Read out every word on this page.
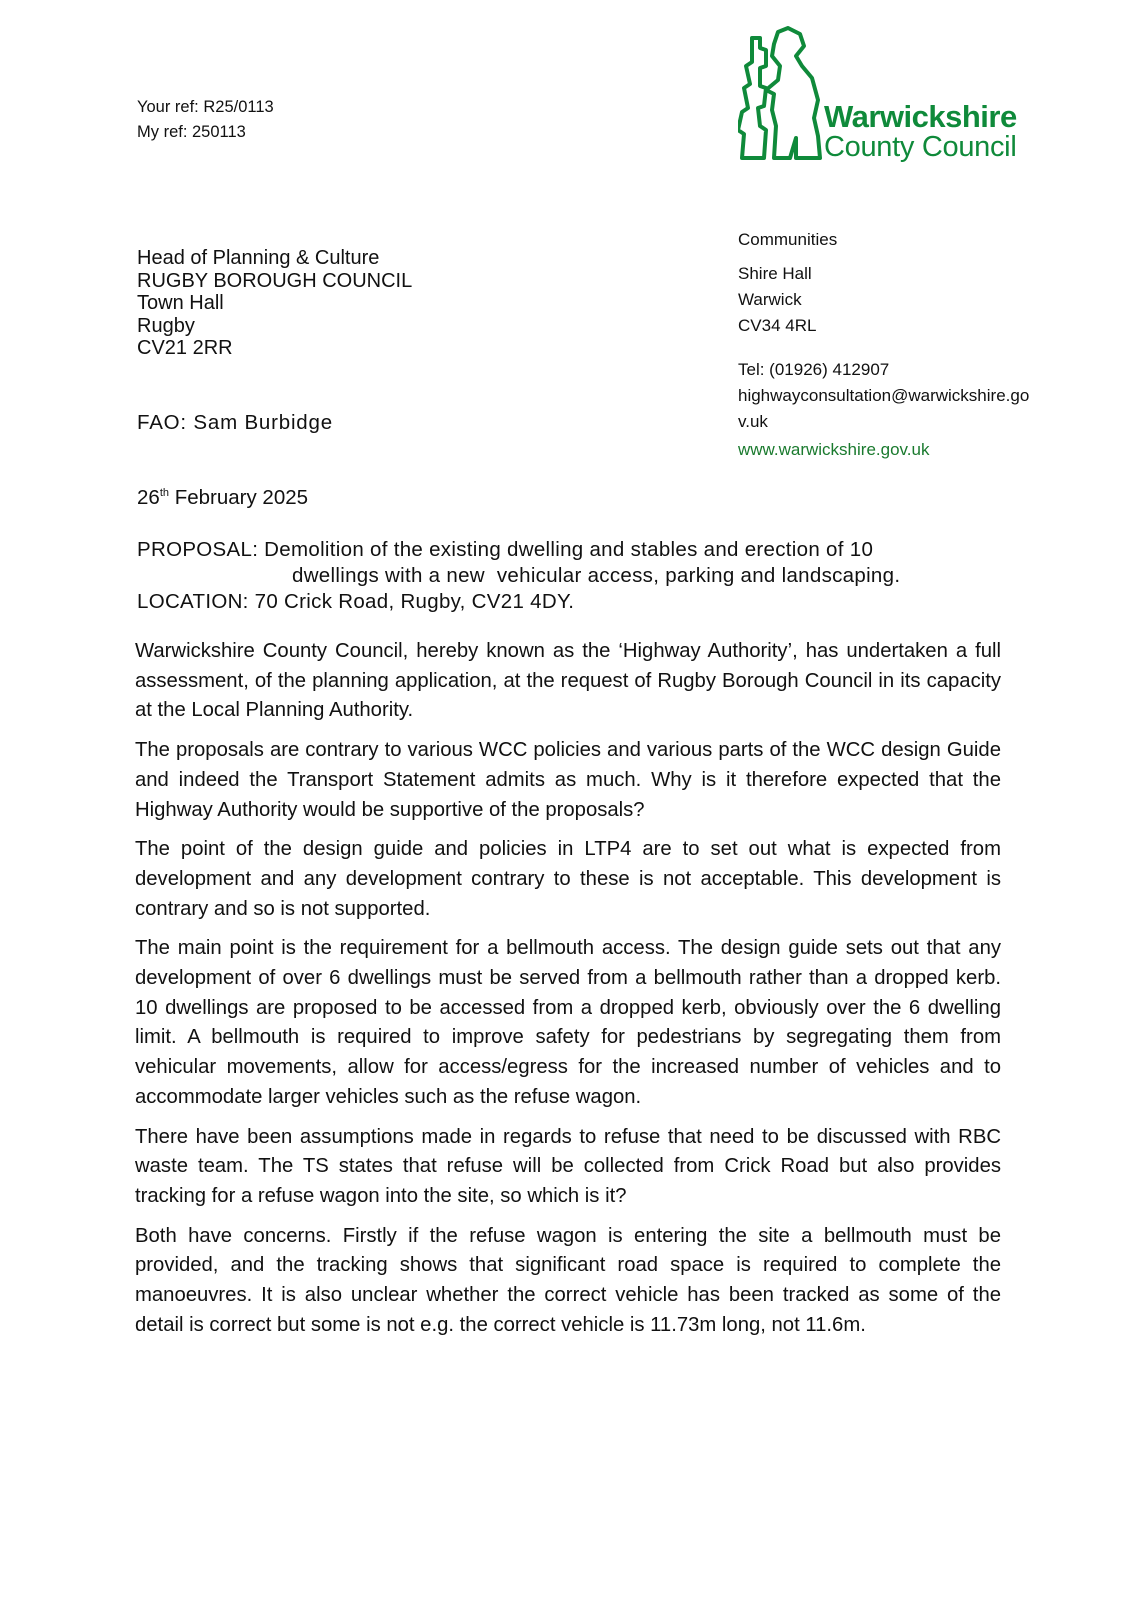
Your ref: R25/0113
My ref: 250113	Warwickshire
County Council
Head of Planning & Culture
RUGBY BOROUGH COUNCIL
Town Hall
Rugby
CV21 2RR
Communities
Shire Hall
Warwick
CV34 4RL
Tel: (01926) 412907
highwayconsultation@warwickshire.go
v.uk
www.warwickshire.gov.uk
FAO: Sam Burbidge
26th February 2025
PROPOSAL: Demolition of the existing dwelling and stables and erection of 10
dwellings with a new  vehicular access, parking and landscaping.
LOCATION: 70 Crick Road, Rugby, CV21 4DY.

Warwickshire County Council, hereby known as the ‘Highway Authority’, has undertaken a full assessment, of the planning application, at the request of Rugby Borough Council in its capacity at the Local Planning Authority.

The proposals are contrary to various WCC policies and various parts of the WCC design Guide and indeed the Transport Statement admits as much. Why is it therefore expected that the Highway Authority would be supportive of the proposals?

The point of the design guide and policies in LTP4 are to set out what is expected from development and any development contrary to these is not acceptable. This development is contrary and so is not supported.

The main point is the requirement for a bellmouth access. The design guide sets out that any development of over 6 dwellings must be served from a bellmouth rather than a dropped kerb. 10 dwellings are proposed to be accessed from a dropped kerb, obviously over the 6 dwelling limit. A bellmouth is required to improve safety for pedestrians by segregating them from vehicular movements, allow for access/egress for the increased number of vehicles and to accommodate larger vehicles such as the refuse wagon.

There have been assumptions made in regards to refuse that need to be discussed with RBC waste team. The TS states that refuse will be collected from Crick Road but also provides tracking for a refuse wagon into the site, so which is it?

Both have concerns. Firstly if the refuse wagon is entering the site a bellmouth must be provided, and the tracking shows that significant road space is required to complete the manoeuvres. It is also unclear whether the correct vehicle has been tracked as some of the detail is correct but some is not e.g. the correct vehicle is 11.73m long, not 11.6m.
